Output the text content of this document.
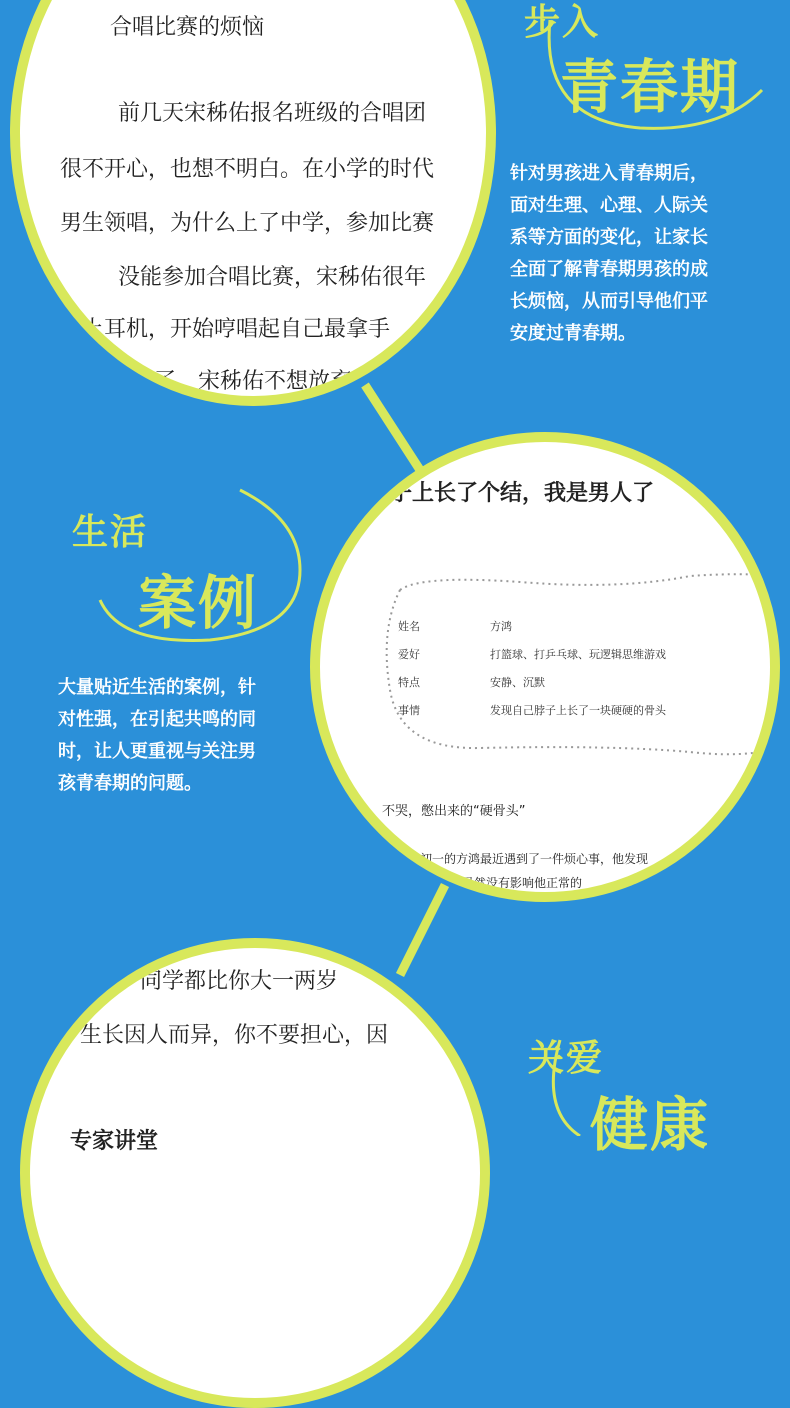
合唱比赛的烦恼
前几天宋秭佑报名班级的合唱团
很不开心，也想不明白。在小学的时代
男生领唱，为什么上了中学，参加比赛
没能参加合唱比赛，宋秭佑很年
戴上耳机，开始哼唱起自己最拿手
上去了。宋秭佑不想放弃
步入
青春期
针对男孩进入青春期后，
面对生理、心理、人际关
系等方面的变化，让家长
全面了解青春期男孩的成
长烦恼，从而引导他们平
安度过青春期。
子上长了个结，我是男人了
姓名	方鸿
爱好	打篮球、打乒乓球、玩逻辑思维游戏
特点	安静、沉默
事情	发现自己脖子上长了一块硬硬的骨头
不哭，憋出来的“硬骨头”
初一的方鸿最近遇到了一件烦心事，他发现
头虽然没有影响他正常的
生活
案例
大量贴近生活的案例，针
对性强，在引起共鸣的同
时，让人更重视与关注男
孩青春期的问题。
同学都比你大一两岁
生长因人而异，你不要担心，因
专家讲堂
关爱
健康
